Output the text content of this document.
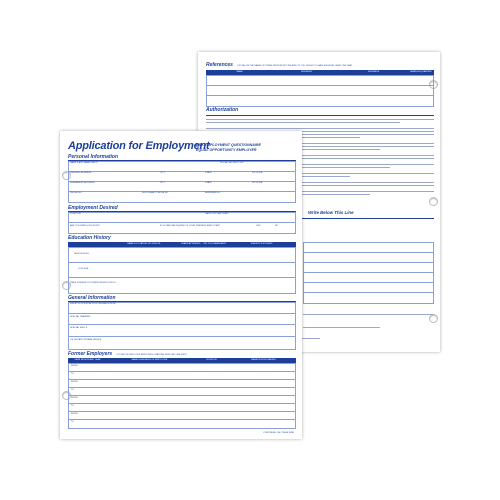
References LIST BELOW THE NAMES OF THREE PERSONS NOT RELATED TO YOU, WHOM YOU HAVE KNOWN AT LEAST ONE YEAR.
NAME	ADDRESS	BUSINESS	YEARS ACQUAINTED
Authorization
Write Below This Line
Application for Employment
PRE-EMPLOYMENT QUESTIONNAIRE
EQUAL OPPORTUNITY EMPLOYER
Personal Information
NAME (LAST NAME FIRST)	SOCIAL SECURITY NO.
PRESENT ADDRESS	CITY	STATE	ZIP CODE
PERMANENT ADDRESS	CITY	STATE	ZIP CODE
PHONE NO.	SECONDARY PHONE NO.	REFERRED BY
Employment Desired
POSITION	DATE YOU CAN START
ARE YOU EMPLOYED NOW?	IF SO MAY WE INQUIRE OF YOUR PRESENT EMPLOYER?	YES	NO
Education History
NAME & LOCATION OF SCHOOL	YEARS ATTENDED	DID YOU GRADUATE?	SUBJECTS STUDIED
HIGH SCHOOL
COLLEGE
TRADE, BUSINESS OR CORRESPONDENCE SCHOOL
General Information
SUBJECTS OF SPECIAL STUDY/RESEARCH WORK
SPECIAL TRAINING
SPECIAL SKILLS
U.S. MILITARY OR NAVAL SERVICE
Former Employers LIST BELOW LAST FOUR EMPLOYERS, STARTING WITH LAST ONE FIRST.
DATE MONTH AND YEAR	NAME & ADDRESS OF EMPLOYER	POSITION	REASON FOR LEAVING
FROM
TO
FROM
TO
FROM
TO
FROM
TO
CONTINUED ON OTHER SIDE
